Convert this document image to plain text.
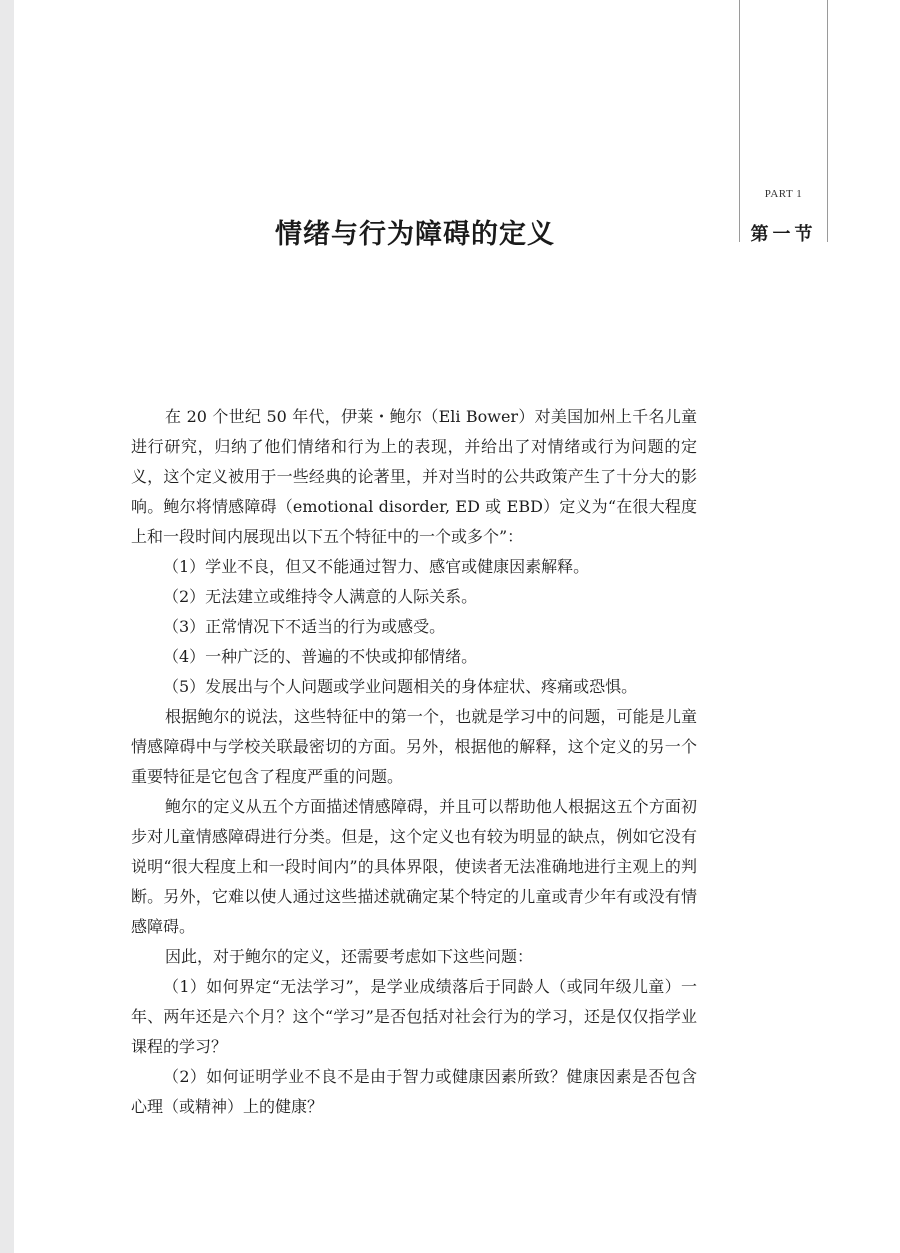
PART 1
第一节
情绪与行为障碍的定义

在 20 个世纪 50 年代，伊莱・鲍尔（Eli Bower）对美国加州上千名儿童进行研究，归纳了他们情绪和行为上的表现，并给出了对情绪或行为问题的定义，这个定义被用于一些经典的论著里，并对当时的公共政策产生了十分大的影响。鲍尔将情感障碍（emotional disorder, ED 或 EBD）定义为“在很大程度上和一段时间内展现出以下五个特征中的一个或多个”：

（1）学业不良，但又不能通过智力、感官或健康因素解释。

（2）无法建立或维持令人满意的人际关系。

（3）正常情况下不适当的行为或感受。

（4）一种广泛的、普遍的不快或抑郁情绪。

（5）发展出与个人问题或学业问题相关的身体症状、疼痛或恐惧。

根据鲍尔的说法，这些特征中的第一个，也就是学习中的问题，可能是儿童情感障碍中与学校关联最密切的方面。另外，根据他的解释，这个定义的另一个重要特征是它包含了程度严重的问题。

鲍尔的定义从五个方面描述情感障碍，并且可以帮助他人根据这五个方面初步对儿童情感障碍进行分类。但是，这个定义也有较为明显的缺点，例如它没有说明“很大程度上和一段时间内”的具体界限，使读者无法准确地进行主观上的判断。另外，它难以使人通过这些描述就确定某个特定的儿童或青少年有或没有情感障碍。

因此，对于鲍尔的定义，还需要考虑如下这些问题：

（1）如何界定“无法学习”，是学业成绩落后于同龄人（或同年级儿童）一年、两年还是六个月？这个“学习”是否包括对社会行为的学习，还是仅仅指学业课程的学习？

（2）如何证明学业不良不是由于智力或健康因素所致？健康因素是否包含心理（或精神）上的健康？
